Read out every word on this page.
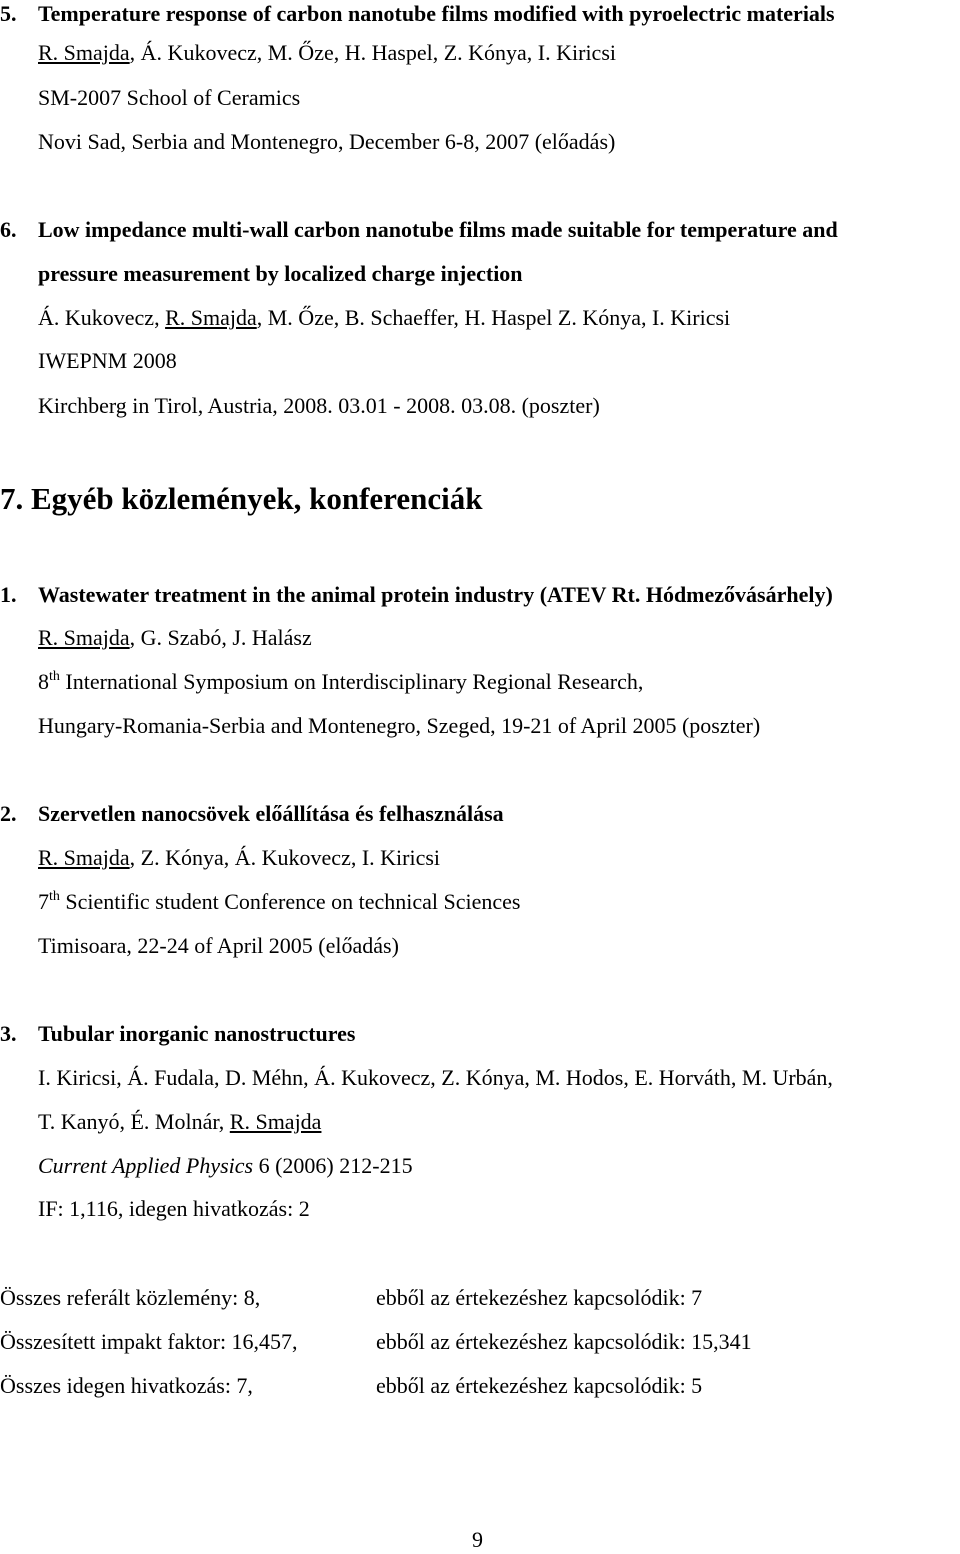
5. Temperature response of carbon nanotube films modified with pyroelectric materials
R. Smajda, Á. Kukovecz, M. Őze, H. Haspel, Z. Kónya, I. Kiricsi
SM-2007 School of Ceramics
Novi Sad, Serbia and Montenegro, December 6-8, 2007 (előadás)
6. Low impedance multi-wall carbon nanotube films made suitable for temperature and
pressure measurement by localized charge injection
Á. Kukovecz, R. Smajda, M. Őze, B. Schaeffer, H. Haspel Z. Kónya, I. Kiricsi
IWEPNM 2008
Kirchberg in Tirol, Austria, 2008. 03.01 - 2008. 03.08. (poszter)
7. Egyéb közlemények, konferenciák
1. Wastewater treatment in the animal protein industry (ATEV Rt. Hódmezővásárhely)
R. Smajda, G. Szabó, J. Halász
8th International Symposium on Interdisciplinary Regional Research,
Hungary-Romania-Serbia and Montenegro, Szeged, 19-21 of April 2005 (poszter)
2. Szervetlen nanocsövek előállítása és felhasználása
R. Smajda, Z. Kónya, Á. Kukovecz, I. Kiricsi
7th Scientific student Conference on technical Sciences
Timisoara, 22-24 of April 2005 (előadás)
3. Tubular inorganic nanostructures
I. Kiricsi, Á. Fudala, D. Méhn, Á. Kukovecz, Z. Kónya, M. Hodos, E. Horváth, M. Urbán,
T. Kanyó, É. Molnár, R. Smajda
Current Applied Physics 6 (2006) 212-215
IF: 1,116, idegen hivatkozás: 2
Összes referált közlemény: 8,	ebből az értekezéshez kapcsolódik: 7
Összesített impakt faktor: 16,457,	ebből az értekezéshez kapcsolódik: 15,341
Összes idegen hivatkozás: 7,	ebből az értekezéshez kapcsolódik: 5
9
